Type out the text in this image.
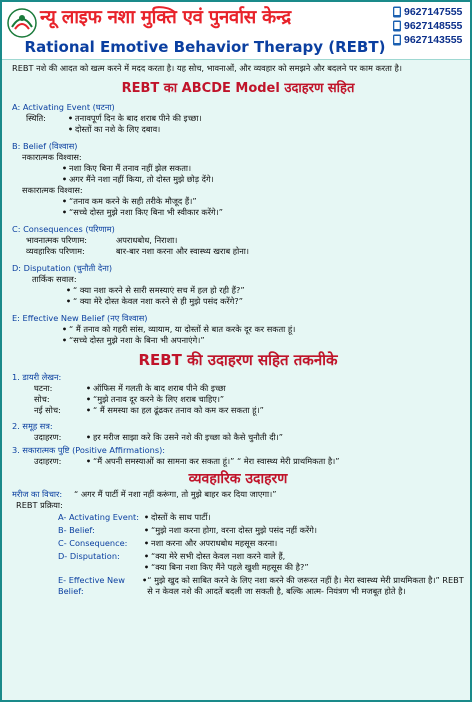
न्यू लाइफ नशा मुक्ति एवं पुनर्वास केन्द्र	9627147555
9627148555
9627143555
Rational Emotive Behavior Therapy (REBT)
REBT नशे की आदत को खत्म करने में मदद करता है। यह सोच, भावनाओं, और व्यवहार को समझने और बदलने पर काम करता है।
REBT का ABCDE Model उदाहरण सहित
A: Activating Event (घटना)
स्थिति:	• तनावपूर्ण दिन के बाद शराब पीने की इच्छा।
• दोस्तों का नशे के लिए दबाव।
B: Belief (विश्वास)
नकारात्मक विश्वास:
• नशा किए बिना मैं तनाव नहीं झेल सकता।
• अगर मैंने नशा नहीं किया, तो दोस्त मुझे छोड़ देंगे।
सकारात्मक विश्वास:
• “तनाव कम करने के सही तरीके मौजूद हैं।”
• “सच्चे दोस्त मुझे नशा किए बिना भी स्वीकार करेंगे।”
C: Consequences (परिणाम)
भावनात्मक परिणाम:	अपराधबोध, निराशा।
व्यवहारिक परिणाम:	बार-बार नशा करना और स्वास्थ्य खराब होना।
D: Disputation (चुनौती देना)
तार्किक सवाल:
• “ क्या नशा करने से सारी समस्याएं सच में हल हो रही हैं?”
• “ क्या मेरे दोस्त केवल नशा करने से ही मुझे पसंद करेंगे?”
E: Effective New Belief (नए विश्वास)
• “ मैं तनाव को गहरी सांस, व्यायाम, या दोस्तों से बात करके दूर कर सकता हूं।
• “सच्चे दोस्त मुझे नशा के बिना भी अपनाएंगे।”
REBT की उदाहरण सहित तकनीके
1. डायरी लेखन:
घटना:	• ऑफिस में गलती के बाद शराब पीने की इच्छा
सोच:	• “मुझे तनाव दूर करने के लिए शराब चाहिए।”
नई सोच:	• “ मैं समस्या का हल ढूंढकर तनाव को कम कर सकता हूं।”
2. समूह सत्र:
उदाहरण:	• हर मरीज साझा करे कि उसने नशे की इच्छा को कैसे चुनौती दी।”
3. सकारात्मक पुष्टि (Positive Affirmations):
उदाहरण:	• “मैं अपनी समस्याओं का सामना कर सकता हूं।” “ मेरा स्वास्थ्य मेरी प्राथमिकता है।”
व्यवहारिक उदाहरण
मरीज का विचार:	“ अगर मैं पार्टी में नशा नहीं करूंगा, तो मुझे बाहर कर दिया जाएगा।”
REBT प्रक्रिया:
A- Activating Event: • दोस्तों के साथ पार्टी।
B- Belief:	• “मुझे नशा करना होगा, वरना दोस्त मुझे पसंद नहीं करेंगे।
C- Consequence:	• नशा करना और अपराधबोध महसूस करना।
D- Disputation:	• “क्या मेरे सभी दोस्त केवल नशा करने वाले हैं,
• “क्या बिना नशा किए मैंने पहले खुशी महसूस की है?”
E- Effective New Belief:
• “ मुझे खुद को साबित करने के लिए नशा करने की जरूरत नहीं है। मेरा स्वास्थ्य मेरी प्राथमिकता है।” REBT से न केवल नशे की आदतें बदली जा सकती है, बल्कि आत्म- नियंत्रण भी मजबूत होते है।
